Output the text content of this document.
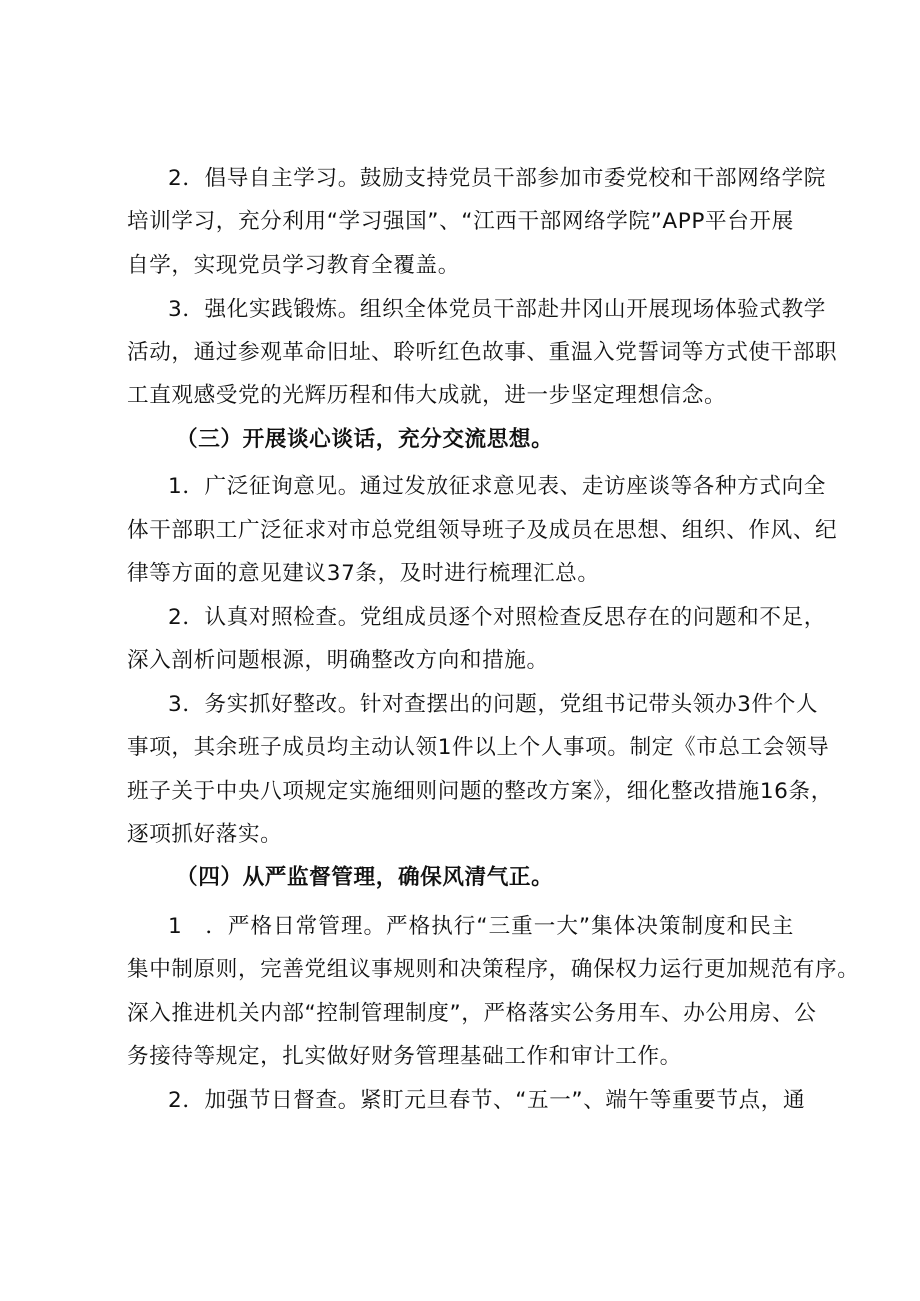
2．倡导自主学习。鼓励支持党员干部参加市委党校和干部网络学院
培训学习，充分利用“学习强国”、“江西干部网络学院”APP平台开展
自学，实现党员学习教育全覆盖。
3．强化实践锻炼。组织全体党员干部赴井冈山开展现场体验式教学
活动，通过参观革命旧址、聆听红色故事、重温入党誓词等方式使干部职
工直观感受党的光辉历程和伟大成就，进一步坚定理想信念。
（三）开展谈心谈话，充分交流思想。
1．广泛征询意见。通过发放征求意见表、走访座谈等各种方式向全
体干部职工广泛征求对市总党组领导班子及成员在思想、组织、作风、纪
律等方面的意见建议37条，及时进行梳理汇总。
2．认真对照检查。党组成员逐个对照检查反思存在的问题和不足，
深入剖析问题根源，明确整改方向和措施。
3．务实抓好整改。针对查摆出的问题，党组书记带头领办3件个人
事项，其余班子成员均主动认领1件以上个人事项。制定《市总工会领导
班子关于中央八项规定实施细则问题的整改方案》，细化整改措施16条，
逐项抓好落实。
（四）从严监督管理，确保风清气正。
1　．严格日常管理。严格执行“三重一大”集体决策制度和民主
集中制原则，完善党组议事规则和决策程序，确保权力运行更加规范有序。
深入推进机关内部“控制管理制度”，严格落实公务用车、办公用房、公
务接待等规定，扎实做好财务管理基础工作和审计工作。
2．加强节日督查。紧盯元旦春节、“五一”、端午等重要节点，通
